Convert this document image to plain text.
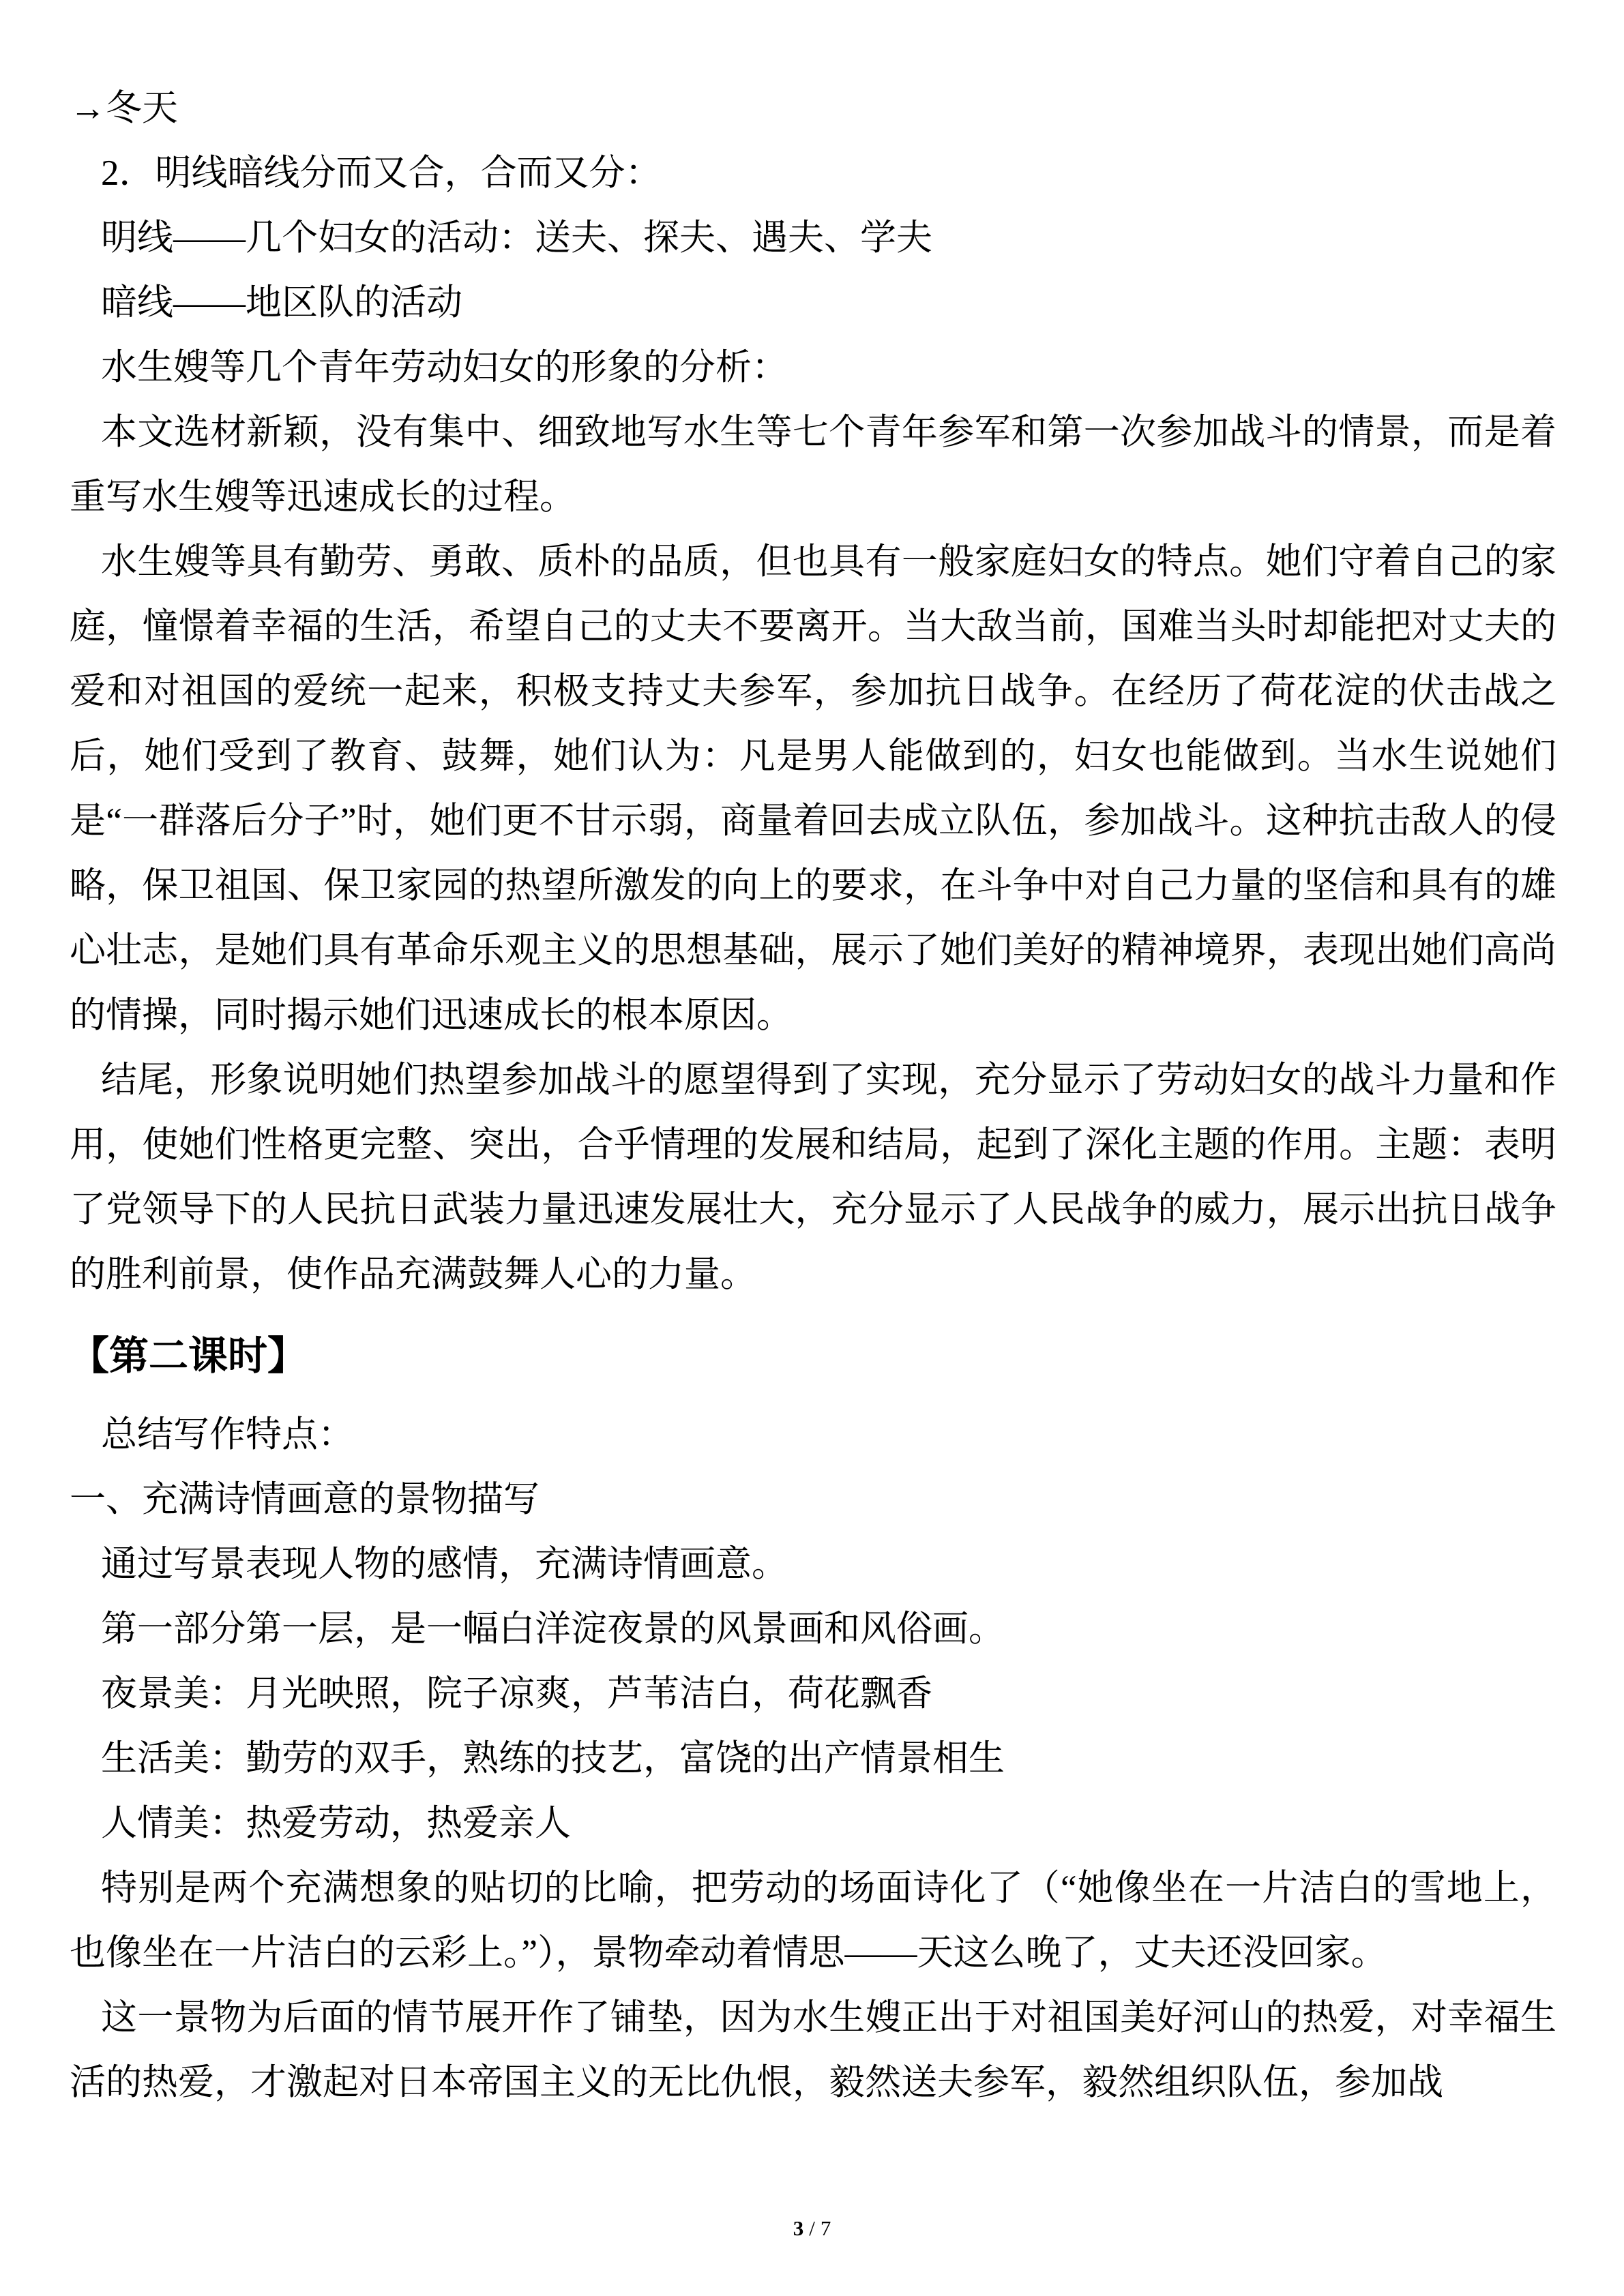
→冬天

2．明线暗线分而又合，合而又分：

明线——几个妇女的活动：送夫、探夫、遇夫、学夫

暗线——地区队的活动

水生嫂等几个青年劳动妇女的形象的分析：

本文选材新颖，没有集中、细致地写水生等七个青年参军和第一次参加战斗的情景，而是着重写水生嫂等迅速成长的过程。

水生嫂等具有勤劳、勇敢、质朴的品质，但也具有一般家庭妇女的特点。她们守着自己的家庭，憧憬着幸福的生活，希望自己的丈夫不要离开。当大敌当前，国难当头时却能把对丈夫的爱和对祖国的爱统一起来，积极支持丈夫参军，参加抗日战争。在经历了荷花淀的伏击战之后，她们受到了教育、鼓舞，她们认为：凡是男人能做到的，妇女也能做到。当水生说她们是“一群落后分子”时，她们更不甘示弱，商量着回去成立队伍，参加战斗。这种抗击敌人的侵略，保卫祖国、保卫家园的热望所激发的向上的要求，在斗争中对自己力量的坚信和具有的雄心壮志，是她们具有革命乐观主义的思想基础，展示了她们美好的精神境界，表现出她们高尚的情操，同时揭示她们迅速成长的根本原因。

结尾，形象说明她们热望参加战斗的愿望得到了实现，充分显示了劳动妇女的战斗力量和作用，使她们性格更完整、突出，合乎情理的发展和结局，起到了深化主题的作用。主题：表明了党领导下的人民抗日武装力量迅速发展壮大，充分显示了人民战争的威力，展示出抗日战争的胜利前景，使作品充满鼓舞人心的力量。

【第二课时】

总结写作特点：

一、充满诗情画意的景物描写

通过写景表现人物的感情，充满诗情画意。

第一部分第一层，是一幅白洋淀夜景的风景画和风俗画。

夜景美：月光映照，院子凉爽，芦苇洁白，荷花飘香

生活美：勤劳的双手，熟练的技艺，富饶的出产情景相生

人情美：热爱劳动，热爱亲人

特别是两个充满想象的贴切的比喻，把劳动的场面诗化了（“她像坐在一片洁白的雪地上，也像坐在一片洁白的云彩上。”），景物牵动着情思——天这么晚了，丈夫还没回家。

这一景物为后面的情节展开作了铺垫，因为水生嫂正出于对祖国美好河山的热爱，对幸福生活的热爱，才激起对日本帝国主义的无比仇恨，毅然送夫参军，毅然组织队伍，参加战

3 / 7
